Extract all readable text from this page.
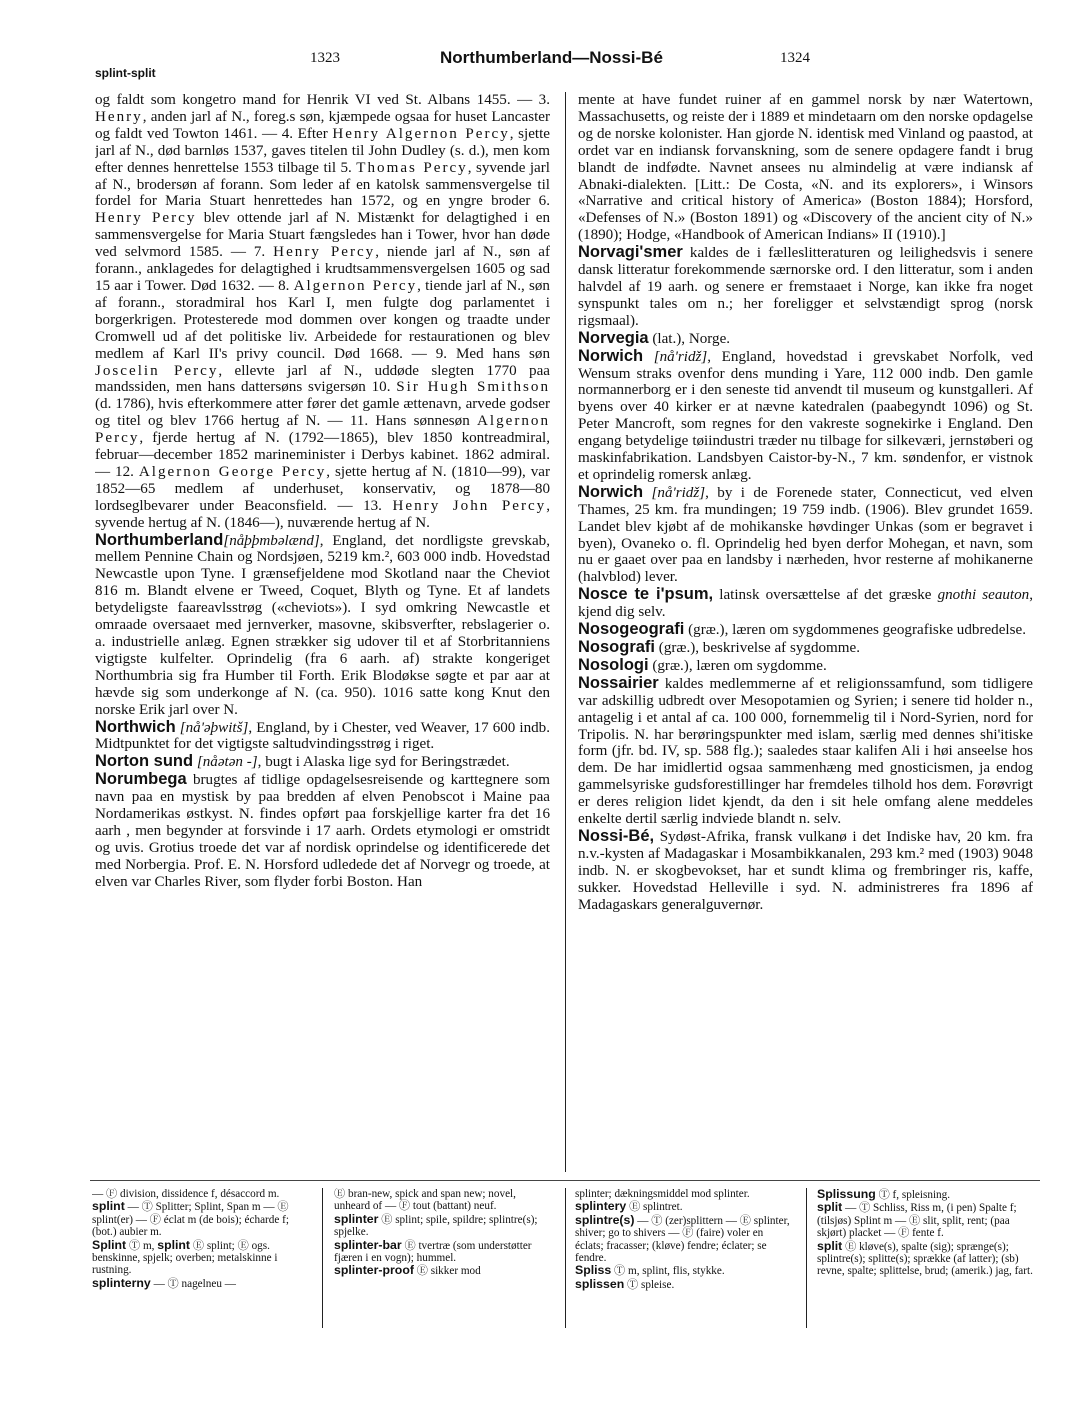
splint-split
1323	Northumberland—Nossi-Bé	1324

og faldt som kongetro mand for Henrik VI ved St. Albans 1455. — 3. Henry, anden jarl af N., foreg.s søn, kjæmpede ogsaa for huset Lancaster og faldt ved Towton 1461. — 4. Efter Henry Algernon Percy, sjette jarl af N., død barnløs 1537, gaves titelen til John Dudley (s. d.), men kom efter dennes henrettelse 1553 tilbage til 5. Thomas Percy, syvende jarl af N., brodersøn af forann. Som leder af en katolsk sammensvergelse til fordel for Maria Stuart henrettedes han 1572, og en yngre broder 6. Henry Percy blev ottende jarl af N. Mistænkt for delagtighed i en sammensvergelse for Maria Stuart fængsledes han i Tower, hvor han døde ved selvmord 1585. — 7. Henry Percy, niende jarl af N., søn af forann., anklagedes for delagtighed i krudtsammensvergelsen 1605 og sad 15 aar i Tower. Død 1632. — 8. Algernon Percy, tiende jarl af N., søn af forann., storadmiral hos Karl I, men fulgte dog parlamentet i borgerkrigen. Protesterede mod dommen over kongen og traadte under Cromwell ud af det politiske liv. Arbeidede for restaurationen og blev medlem af Karl II's privy council. Død 1668. — 9. Med hans søn Joscelin Percy, ellevte jarl af N., uddøde slegten 1770 paa mandssiden, men hans dattersøns svigersøn 10. Sir Hugh Smithson (d. 1786), hvis efterkommere atter fører det gamle ættenavn, arvede godser og titel og blev 1766 hertug af N. — 11. Hans sønnesøn Algernon Percy, fjerde hertug af N. (1792—1865), blev 1850 kontreadmiral, februar—december 1852 marineminister i Derbys kabinet. 1862 admiral. — 12. Algernon George Percy, sjette hertug af N. (1810—99), var 1852—65 medlem af underhuset, konservativ, og 1878—80 lordseglbevarer under Beaconsfield. — 13. Henry John Percy, syvende hertug af N. (1846—), nuværende hertug af N.

Northumberland[nåþþmbəlænd], England, det nordligste grevskab, mellem Pennine Chain og Nordsjøen, 5219 km.², 603 000 indb. Hovedstad Newcastle upon Tyne. I grænsefjeldene mod Skotland naar the Cheviot 816 m. Blandt elvene er Tweed, Coquet, Blyth og Tyne. Et af landets betydeligste faareavlsstrøg («cheviots»). I syd omkring Newcastle et omraade oversaaet med jernverker, masovne, skibsverfter, rebslagerier o. a. industrielle anlæg. Egnen strækker sig udover til et af Storbritanniens vigtigste kulfelter. Oprindelig (fra 6 aarh. af) strakte kongeriget Northumbria sig fra Humber til Forth. Erik Blodøkse søgte et par aar at hævde sig som underkonge af N. (ca. 950). 1016 satte kong Knut den norske Erik jarl over N.

Northwich [nå'əþwitš], England, by i Chester, ved Weaver, 17 600 indb. Midtpunktet for det vigtigste saltudvindingsstrøg i riget.

Norton sund [nåətən -], bugt i Alaska lige syd for Beringstrædet.

Norumbega brugtes af tidlige opdagelsesreisende og karttegnere som navn paa en mystisk by paa bredden af elven Penobscot i Maine paa Nordamerikas østkyst. N. findes opført paa forskjellige karter fra det 16 aarh , men begynder at forsvinde i 17 aarh. Ordets etymologi er omstridt og uvis. Grotius troede det var af nordisk oprindelse og identificerede det med Norbergia. Prof. E. N. Horsford udledede det af Norvegr og troede, at elven var Charles River, som flyder forbi Boston. Han

mente at have fundet ruiner af en gammel norsk by nær Watertown, Massachusetts, og reiste der i 1889 et mindetaarn om den norske opdagelse og de norske kolonister. Han gjorde N. identisk med Vinland og paastod, at ordet var en indiansk forvanskning, som de senere opdagere fandt i brug blandt de indfødte. Navnet ansees nu almindelig at være indiansk af Abnaki-dialekten. [Litt.: De Costa, «N. and its explorers», i Winsors «Narrative and critical history of America» (Boston 1884); Horsford, «Defenses of N.» (Boston 1891) og «Discovery of the ancient city of N.» (1890); Hodge, «Handbook of American Indians» II (1910).]

Norvagi'smer kaldes de i fælleslitteraturen og leilighedsvis i senere dansk litteratur forekommende særnorske ord. I den litteratur, som i anden halvdel af 19 aarh. og senere er fremstaaet i Norge, kan ikke fra noget synspunkt tales om n.; her foreligger et selvstændigt sprog (norsk rigsmaal).

Norvegia (lat.), Norge.

Norwich [nå'ridž], England, hovedstad i grevskabet Norfolk, ved Wensum straks ovenfor dens munding i Yare, 112 000 indb. Den gamle normannerborg er i den seneste tid anvendt til museum og kunstgalleri. Af byens over 40 kirker er at nævne katedralen (paabegyndt 1096) og St. Peter Mancroft, som regnes for den vakreste sognekirke i England. Den engang betydelige tøiindustri træder nu tilbage for silkeværi, jernstøberi og maskinfabrikation. Landsbyen Caistor-by-N., 7 km. søndenfor, er vistnok et oprindelig romersk anlæg.

Norwich [nå'ridž], by i de Forenede stater, Connecticut, ved elven Thames, 25 km. fra mundingen; 19 759 indb. (1906). Blev grundet 1659. Landet blev kjøbt af de mohikanske høvdinger Unkas (som er begravet i byen), Ovaneko o. fl. Oprindelig hed byen derfor Mohegan, et navn, som nu er gaaet over paa en landsby i nærheden, hvor resterne af mohikanerne (halvblod) lever.

Nosce te i'psum, latinsk oversættelse af det græske gnothi seauton, kjend dig selv.

Nosogeografi (græ.), læren om sygdommenes geografiske udbredelse.

Nosografi (græ.), beskrivelse af sygdomme.

Nosologi (græ.), læren om sygdomme.

Nossairier kaldes medlemmerne af et religionssamfund, som tidligere var adskillig udbredt over Mesopotamien og Syrien; i senere tid holder n., antagelig i et antal af ca. 100 000, fornemmelig til i Nord-Syrien, nord for Tripolis. N. har berøringspunkter med islam, særlig med dennes shi'itiske form (jfr. bd. IV, sp. 588 flg.); saaledes staar kalifen Ali i høi anseelse hos dem. De har imidlertid ogsaa sammenhæng med gnosticismen, ja endog gammelsyriske gudsforestillinger har fremdeles tilhold hos dem. Forøvrigt er deres religion lidet kjendt, da den i sit hele omfang alene meddeles enkelte dertil særlig indviede blandt n. selv.

Nossi-Bé, Sydøst-Afrika, fransk vulkanø i det Indiske hav, 20 km. fra n.v.-kysten af Madagaskar i Mosambikkanalen, 293 km.² med (1903) 9048 indb. N. er skogbevokset, har et sundt klima og frembringer ris, kaffe, sukker. Hovedstad Helleville i syd. N. administreres fra 1896 af Madagaskars generalguvernør.

— Ⓕ division, dissidence f, désaccord m.

splint — Ⓣ Splitter; Splint, Span m — Ⓔ splint(er) — Ⓕ éclat m (de bois); écharde f; (bot.) aubier m.

Splint Ⓣ m, splint Ⓔ splint; Ⓔ ogs. benskinne, spjelk; overben; metalskinne i rustning.

splinterny — Ⓣ nagelneu —

Ⓔ bran-new, spick and span new; novel, unheard of — Ⓕ tout (battant) neuf.

splinter Ⓔ splint; spile, spildre; splintre(s); spjelke.

splinter-bar Ⓔ tvertræ (som understøtter fjæren i en vogn); hummel.

splinter-proof Ⓔ sikker mod

splinter; dækningsmiddel mod splinter.

splintery Ⓔ splintret.

splintre(s) — Ⓣ (zer)splittern — Ⓔ splinter, shiver; go to shivers — Ⓕ (faire) voler en éclats; fracasser; (kløve) fendre; éclater; se fendre.

Spliss Ⓣ m, splint, flis, stykke.

splissen Ⓣ spleise.

Splissung Ⓣ f, spleisning.

split — Ⓣ Schliss, Riss m, (i pen) Spalte f; (tilsjøs) Splint m — Ⓔ slit, split, rent; (paa skjørt) placket — Ⓕ fente f.

split Ⓔ kløve(s), spalte (sig); sprænge(s); splintre(s); splitte(s); sprække (af latter); (sb) revne, spalte; splittelse, brud; (amerik.) jag, fart.
